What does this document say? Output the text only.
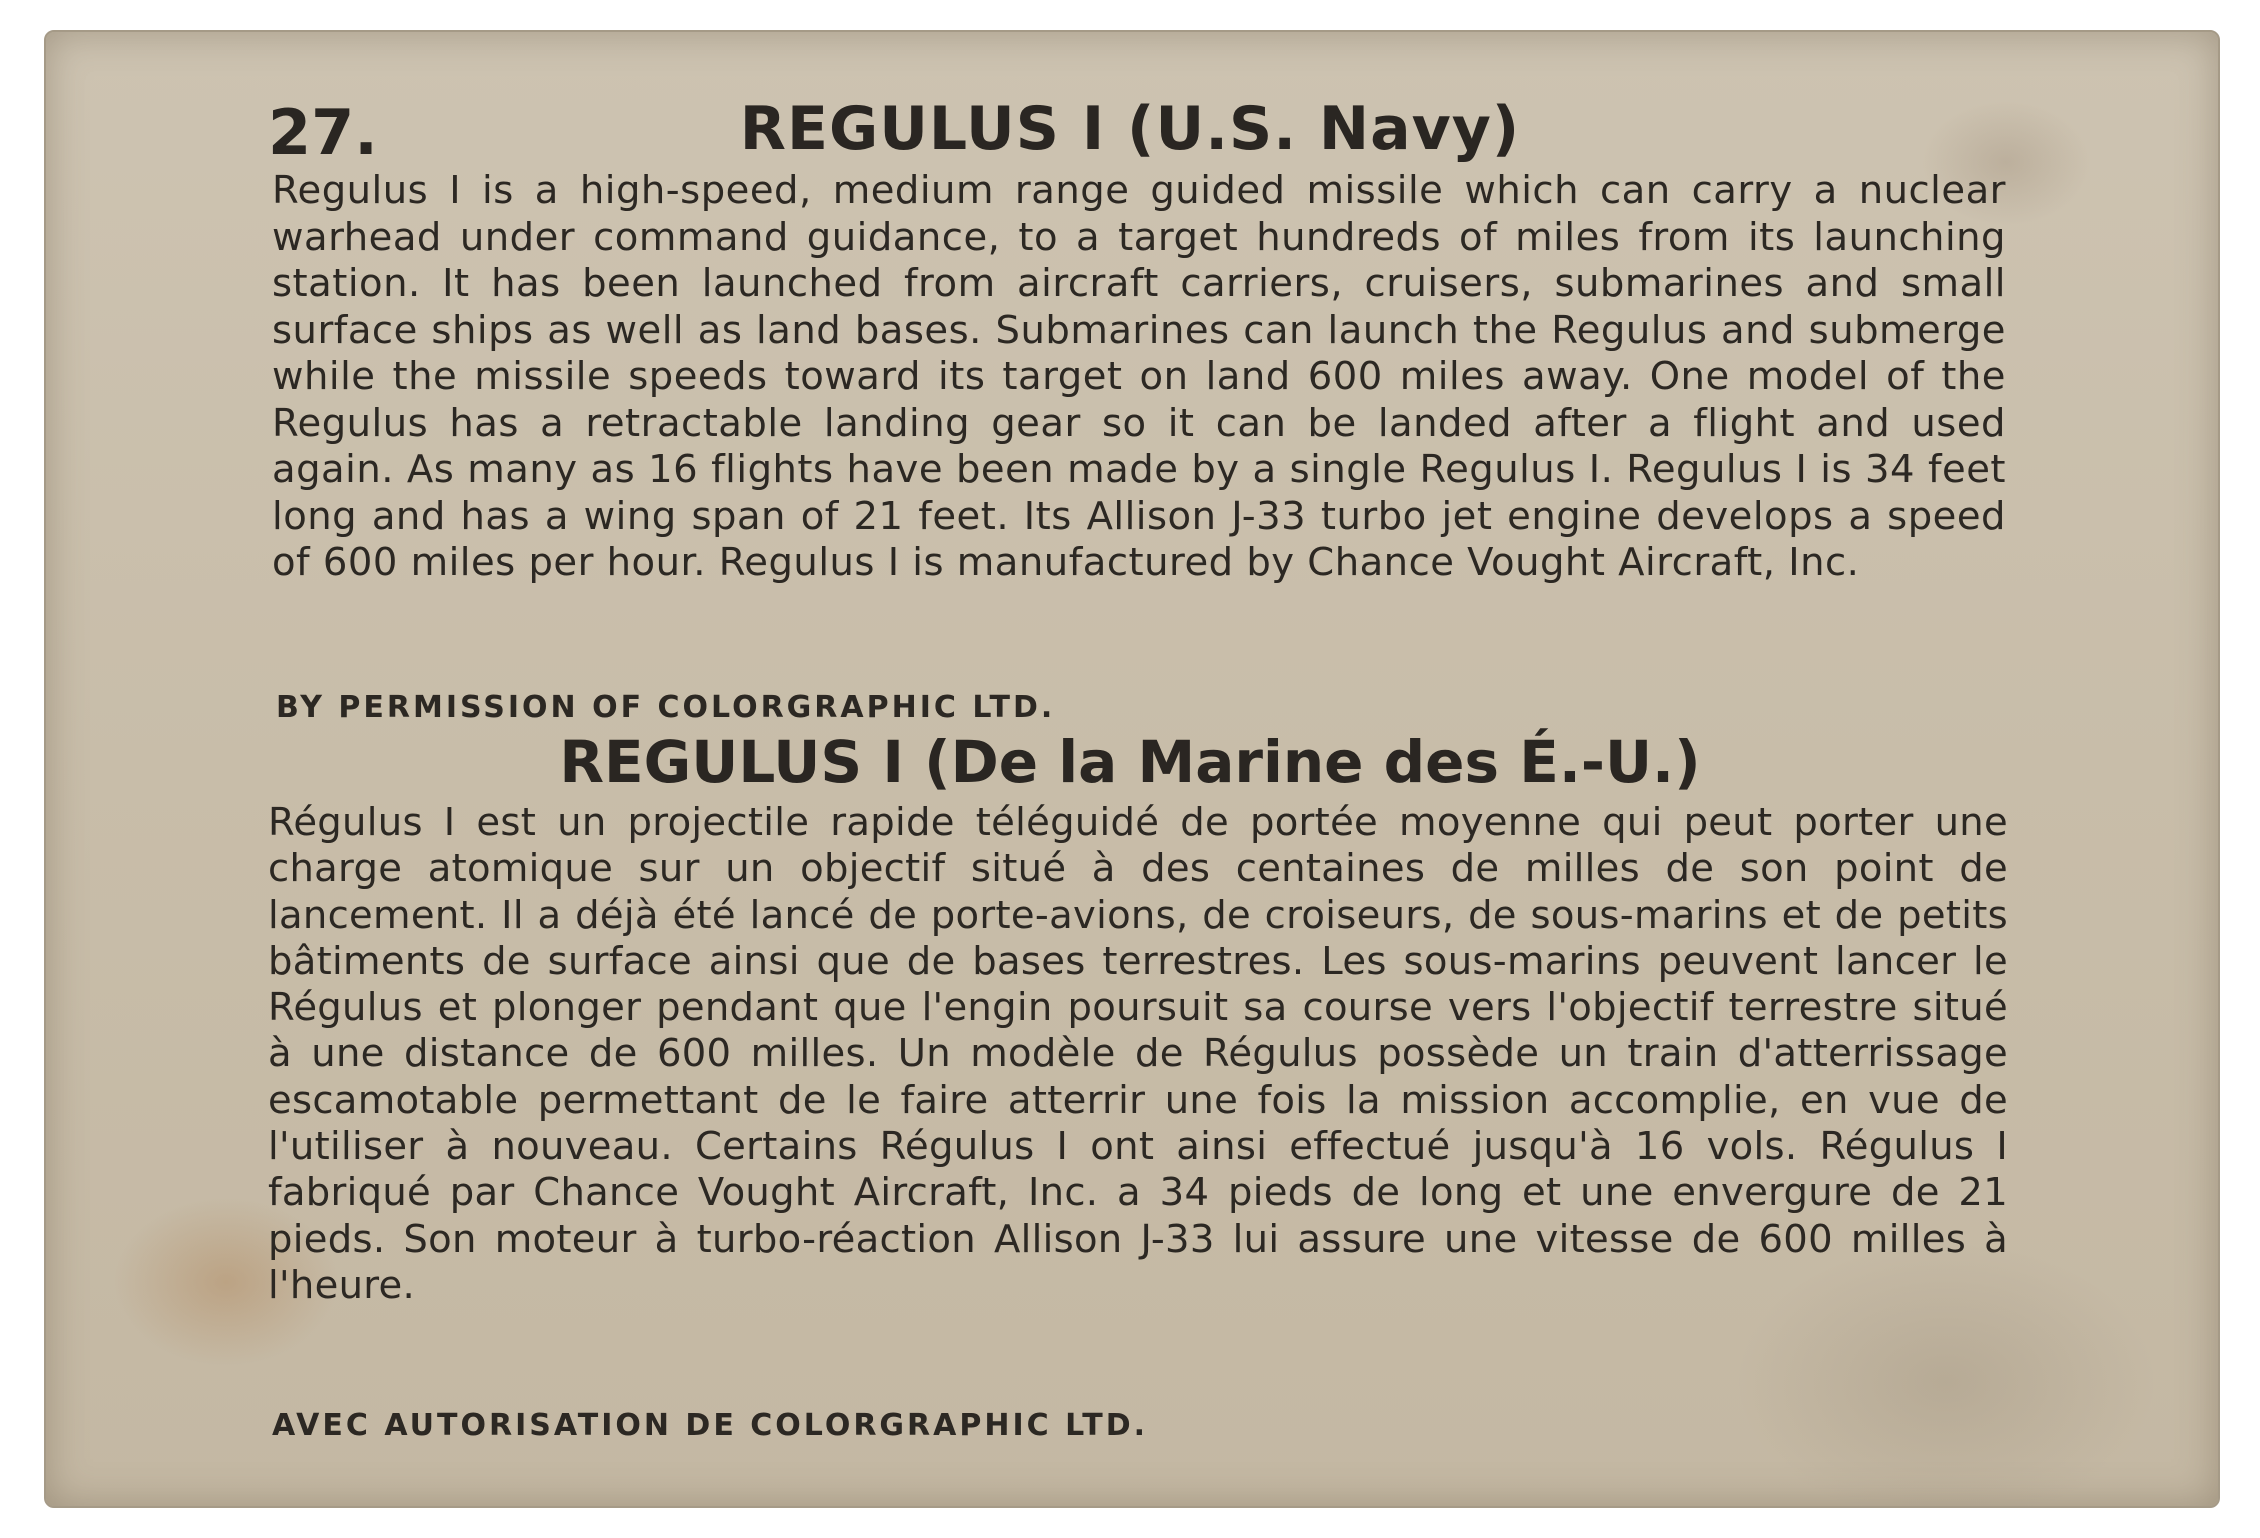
27.	REGULUS I (U.S. Navy)
Regulus I is a high-speed, medium range guided missile which can carry a nuclear warhead under command guidance, to a target hundreds of miles from its launching station. It has been launched from aircraft carriers, cruisers, submarines and small surface ships as well as land bases. Submarines can launch the Regulus and submerge while the missile speeds toward its target on land 600 miles away. One model of the Regulus has a retractable landing gear so it can be landed after a flight and used again. As many as 16 flights have been made by a single Regulus I. Regulus I is 34 feet long and has a wing span of 21 feet. Its Allison J-33 turbo jet engine develops a speed of 600 miles per hour. Regulus I is manufactured by Chance Vought Aircraft, Inc.
BY PERMISSION OF COLORGRAPHIC LTD.
REGULUS I (De la Marine des É.-U.)
Régulus I est un projectile rapide téléguidé de portée moyenne qui peut porter une charge atomique sur un objectif situé à des centaines de milles de son point de lancement. Il a déjà été lancé de porte-avions, de croiseurs, de sous-marins et de petits bâtiments de surface ainsi que de bases terrestres. Les sous-marins peuvent lancer le Régulus et plonger pendant que l'engin poursuit sa course vers l'objectif terrestre situé à une distance de 600 milles. Un modèle de Régulus possède un train d'atterrissage escamotable permettant de le faire atterrir une fois la mission accomplie, en vue de l'utiliser à nouveau. Certains Régulus I ont ainsi effectué jusqu'à 16 vols. Régulus I fabriqué par Chance Vought Aircraft, Inc. a 34 pieds de long et une envergure de 21 pieds. Son moteur à turbo-réaction Allison J-33 lui assure une vitesse de 600 milles à l'heure.
AVEC AUTORISATION DE COLORGRAPHIC LTD.
